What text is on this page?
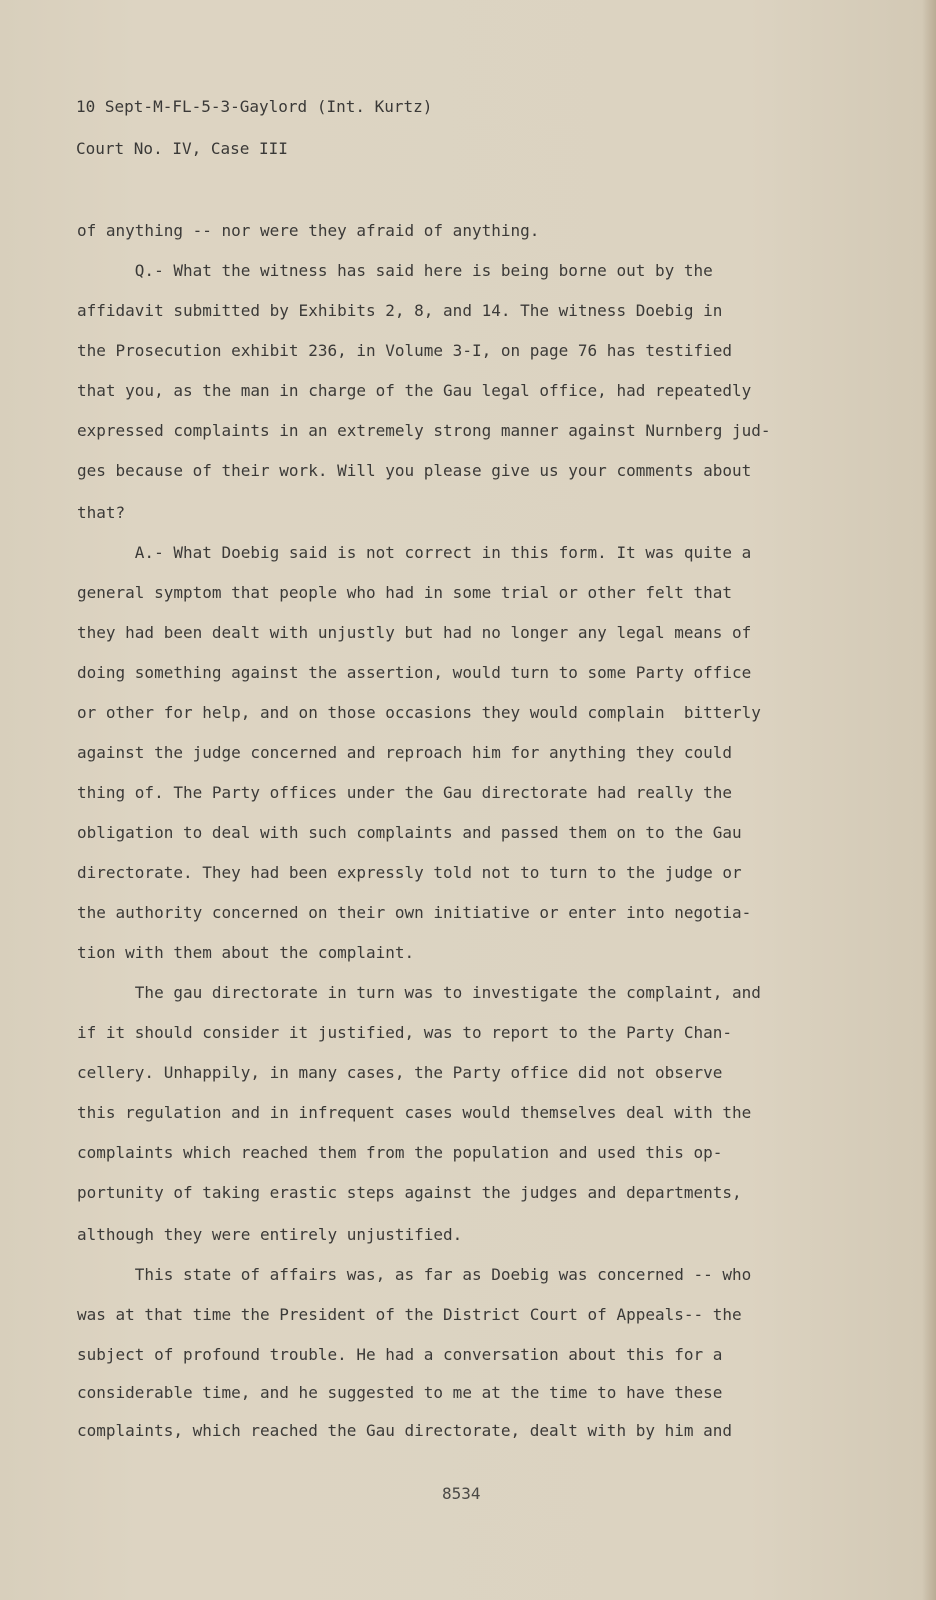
10 Sept-M-FL-5-3-Gaylord (Int. Kurtz)
Court No. IV, Case III
of anything -- nor were they afraid of anything.
Q.- What the witness has said here is being borne out by the
affidavit submitted by Exhibits 2, 8, and 14. The witness Doebig in
the Prosecution exhibit 236, in Volume 3-I, on page 76 has testified
that you, as the man in charge of the Gau legal office, had repeatedly
expressed complaints in an extremely strong manner against Nurnberg jud-
ges because of their work. Will you please give us your comments about
that?
A.- What Doebig said is not correct in this form. It was quite a
general symptom that people who had in some trial or other felt that
they had been dealt with unjustly but had no longer any legal means of
doing something against the assertion, would turn to some Party office
or other for help, and on those occasions they would complain  bitterly
against the judge concerned and reproach him for anything they could
thing of. The Party offices under the Gau directorate had really the
obligation to deal with such complaints and passed them on to the Gau
directorate. They had been expressly told not to turn to the judge or
the authority concerned on their own initiative or enter into negotia-
tion with them about the complaint.
The gau directorate in turn was to investigate the complaint, and
if it should consider it justified, was to report to the Party Chan-
cellery. Unhappily, in many cases, the Party office did not observe
this regulation and in infrequent cases would themselves deal with the
complaints which reached them from the population and used this op-
portunity of taking erastic steps against the judges and departments,
although they were entirely unjustified.
This state of affairs was, as far as Doebig was concerned -- who
was at that time the President of the District Court of Appeals-- the
subject of profound trouble. He had a conversation about this for a
considerable time, and he suggested to me at the time to have these
complaints, which reached the Gau directorate, dealt with by him and
8534
